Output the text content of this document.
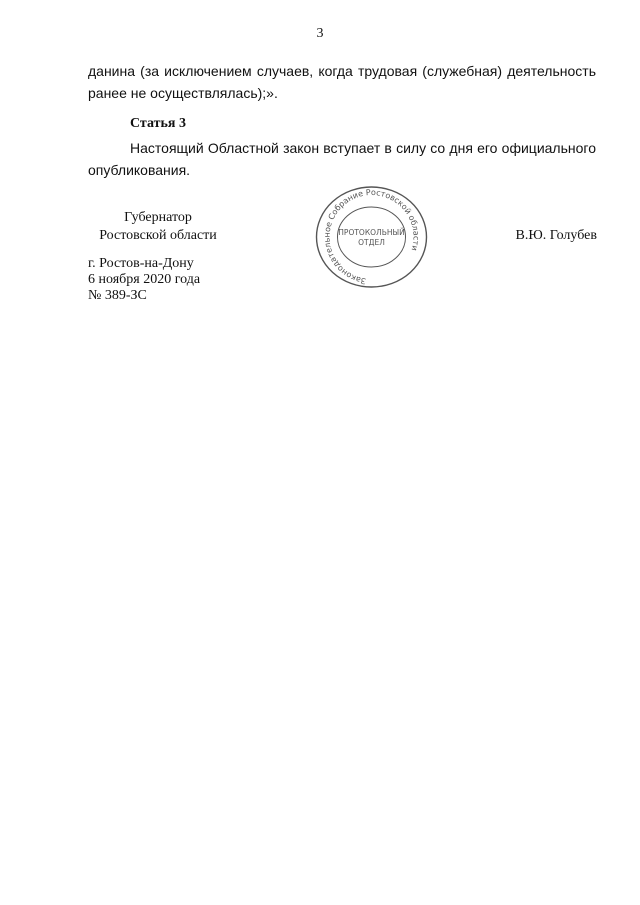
3
данина (за исключением случаев, когда трудовая (служебная) деятельность ранее не осуществлялась);».
Статья 3
Настоящий Областной закон вступает в силу со дня его официального опубликования.
Губернатор
Ростовской области	В.Ю. Голубев
г. Ростов-на-Дону
6 ноября 2020 года
№ 389-ЗС
Законодательное Собрание Ростовской области
ПРОТОКОЛЬНЫЙ
ОТДЕЛ
